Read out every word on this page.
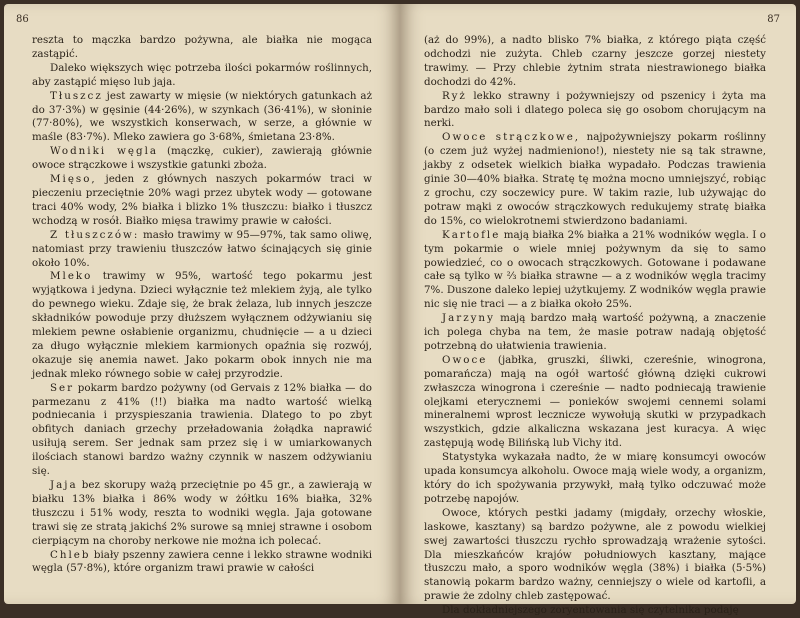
86

reszta to mączka bardzo pożywna, ale białka nie mogąca zastąpić.

Daleko większych więc potrzeba ilości pokarmów roślinnych, aby zastąpić mięso lub jaja.

Tłuszcz jest zawarty w mięsie (w niektórych gatunkach aż do 37·3%) w gęsinie (44·26%), w szynkach (36·41%), w słoninie (77·80%), we wszystkich konserwach, w serze, a głównie w maśle (83·7%). Mleko zawiera go 3·68%, śmietana 23·8%.

Wodniki węgla (mączkę, cukier), zawierają głównie owoce strączkowe i wszystkie gatunki zboża.

Mięso, jeden z głównych naszych pokarmów traci w pieczeniu przeciętnie 20% wagi przez ubytek wody — gotowane traci 40% wody, 2% białka i blizko 1% tłuszczu: białko i tłuszcz wchodzą w rosół. Białko mięsa trawimy prawie w całości.

Z tłuszczów: masło trawimy w 95—97%, tak samo oliwę, natomiast przy trawieniu tłuszczów łatwo ścinających się ginie około 10%.

Mleko trawimy w 95%, wartość tego pokarmu jest wyjątkowa i jedyna. Dzieci wyłącznie też mlekiem żyją, ale tylko do pewnego wieku. Zdaje się, że brak żelaza, lub innych jeszcze składników powoduje przy dłuższem wyłącznem odżywianiu się mlekiem pewne osłabienie organizmu, chudnięcie — a u dzieci za długo wyłącznie mlekiem karmionych opaźnia się rozwój, okazuje się anemia nawet. Jako pokarm obok innych nie ma jednak mleko równego sobie w całej przyrodzie.

Ser pokarm bardzo pożywny (od Gervais z 12% białka — do parmezanu z 41% (!!) białka ma nadto wartość wielką podniecania i przyspieszania trawienia. Dlatego to po zbyt obfitych daniach grzechy przeładowania żołądka naprawić usiłują serem. Ser jednak sam przez się i w umiarkowanych ilościach stanowi bardzo ważny czynnik w naszem odżywianiu się.

Jaja bez skorupy ważą przeciętnie po 45 gr., a zawierają w białku 13% białka i 86% wody w żółtku 16% białka, 32% tłuszczu i 51% wody, reszta to wodniki węgla. Jaja gotowane trawi się ze stratą jakichś 2% surowe są mniej strawne i osobom cierpiącym na choroby nerkowe nie można ich polecać.

Chleb biały pszenny zawiera cenne i lekko strawne wodniki węgla (57·8%), które organizm trawi prawie w całości

87

(aż do 99%), a nadto blisko 7% białka, z którego piąta część odchodzi nie zużyta. Chleb czarny jeszcze gorzej niestety trawimy. — Przy chlebie żytnim strata niestrawionego białka dochodzi do 42%.

Ryż lekko strawny i pożywniejszy od pszenicy i żyta ma bardzo mało soli i dlatego poleca się go osobom chorującym na nerki.

Owoce strączkowe, najpożywniejszy pokarm roślinny (o czem już wyżej nadmieniono!), niestety nie są tak strawne, jakby z odsetek wielkich białka wypadało. Podczas trawienia ginie 30—40% białka. Stratę tę można mocno umniejszyć, robiąc z grochu, czy soczewicy pure. W takim razie, lub używając do potraw mąki z owoców strączkowych redukujemy stratę białka do 15%, co wielokrotnemi stwierdzono badaniami.

Kartofle mają białka 2% białka a 21% wodników węgla. I o tym pokarmie o wiele mniej pożywnym da się to samo powiedzieć, co o owocach strączkowych. Gotowane i podawane całe są tylko w ⅔ białka strawne — a z wodników węgla tracimy 7%. Duszone daleko lepiej użytkujemy. Z wodników węgla prawie nic się nie traci — a z białka około 25%.

Jarzyny mają bardzo małą wartość pożywną, a znaczenie ich polega chyba na tem, że masie potraw nadają objętość potrzebną do ułatwienia trawienia.

Owoce (jabłka, gruszki, śliwki, czereśnie, winogrona, pomarańcza) mają na ogół wartość główną dzięki cukrowi zwłaszcza winogrona i czereśnie — nadto podniecają trawienie olejkami eterycznemi — ponieków swojemi cennemi solami mineralnemi wprost lecznicze wywołują skutki w przypadkach wszystkich, gdzie alkaliczna wskazana jest kuracya. A więc zastępują wodę Bilińską lub Vichy itd.

Statystyka wykazała nadto, że w miarę konsumcyi owoców upada konsumcya alkoholu. Owoce mają wiele wody, a organizm, który do ich spożywania przywykł, małą tylko odczuwać może potrzebę napojów.

Owoce, których pestki jadamy (migdały, orzechy włoskie, laskowe, kasztany) są bardzo pożywne, ale z powodu wielkiej swej zawartości tłuszczu rychło sprowadzają wrażenie sytości. Dla mieszkańców krajów południowych kasztany, mające tłuszczu mało, a sporo wodników węgla (38%) i białka (5·5%) stanowią pokarm bardzo ważny, cenniejszy o wiele od kartofli, a prawie że zdolny chleb zastępować.

Dla dokładniejszego zoryentowania się czytelnika podaję
